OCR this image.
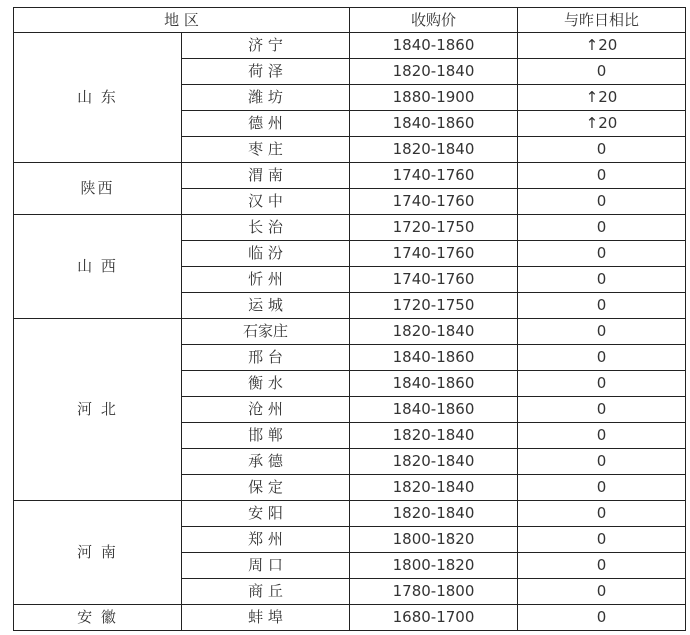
地 区		收购价	与昨日相比
山 东	济 宁	1840-1860	↑20
	荷 泽	1820-1840	0
	潍 坊	1880-1900	↑20
	德 州	1840-1860	↑20
	枣 庄	1820-1840	0
陕西	渭 南	1740-1760	0
	汉 中	1740-1760	0
山 西	长 治	1720-1750	0
	临 汾	1740-1760	0
	忻 州	1740-1760	0
	运 城	1720-1750	0
河 北	石家庄	1820-1840	0
	邢 台	1840-1860	0
	衡 水	1840-1860	0
	沧 州	1840-1860	0
	邯 郸	1820-1840	0
	承 德	1820-1840	0
	保 定	1820-1840	0
河 南	安 阳	1820-1840	0
	郑 州	1800-1820	0
	周 口	1800-1820	0
	商 丘	1780-1800	0
安 徽	蚌 埠	1680-1700	0
